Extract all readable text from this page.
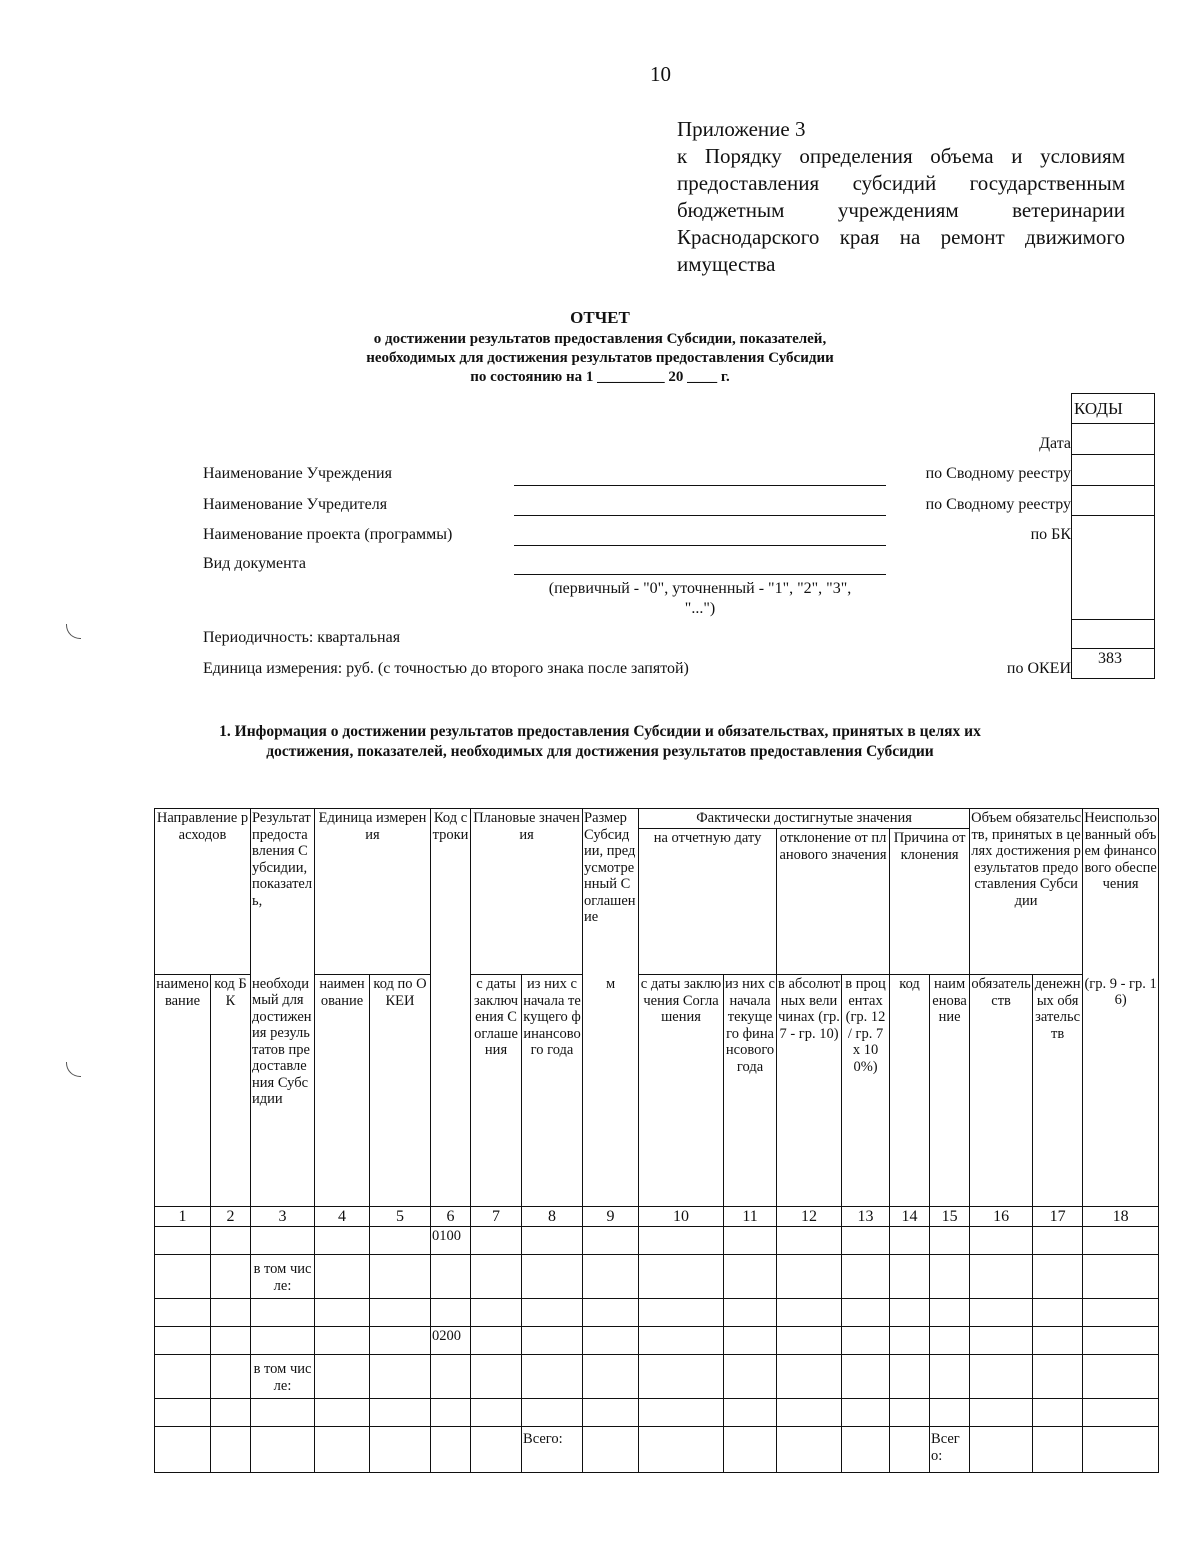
10
Приложение 3
к Порядку определения объема и условиям
предоставления субсидий государственным
бюджетным учреждениям ветеринарии
Краснодарского края на ремонт движимого
имущества
ОТЧЕТ
о достижении результатов предоставления Субсидии, показателей,
необходимых для достижения результатов предоставления Субсидии
по состоянию на 1 _________ 20 ____ г.
КОДЫ
383
Дата
по Сводному реестру
по Сводному реестру
по БК
по ОКЕИ
Наименование Учреждения
Наименование Учредителя
Наименование проекта (программы)
Вид документа
(первичный - "0", уточненный - "1", "2", "3",
"...")
Периодичность: квартальная
Единица измерения: руб. (с точностью до второго знака после запятой)
1. Информация о достижении результатов предоставления Субсидии и обязательствах, принятых в целях их
достижения, показателей, необходимых для достижения результатов предоставления Субсидии
Направление расходов		Результат предоставления Субсидии, показатель,	Единица измерения		Код строки	Плановые значения		Размер Субсидии, предусмотренный Соглашение	Фактически достигнутые значения						Объем обязательств, принятых в целях достижения результатов предоставления Субсидии		Неиспользованный объем финансового обеспечения
									на отчетную дату		отклонение от планового значения		Причина отклонения				

наименование	код БК	необходимый для достижения результатов предоставления Субсидии	наименование	код по ОКЕИ		с даты заключения Соглашения	из них с начала текущего финансового года	м	с даты заключения Соглашения	из них с начала текущего финансового года	в абсолютных величинах (гр. 7 - гр. 10)	в процентах (гр. 12 / гр. 7 x 100%)	код	наименование	обязательств	денежных обязательств	(гр. 9 - гр. 16)
1	2	3	4	5	6	7	8	9	10	11	12	13	14	15	16	17	18
					0100												
		в том числе:															

					0200												
		в том числе:															

							Всего:							Всего:			
